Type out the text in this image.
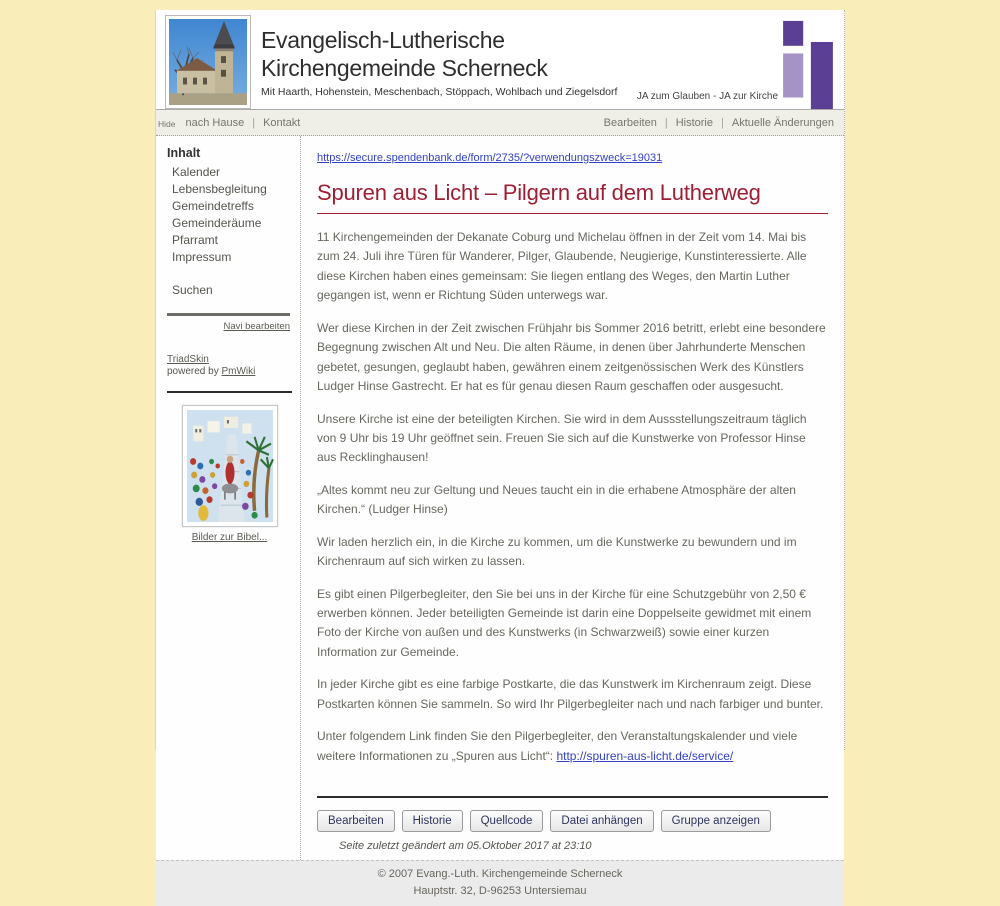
Evangelisch-Lutherische
Kirchengemeinde Scherneck
Mit Haarth, Hohenstein, Meschenbach, Stöppach, Wohlbach und Ziegelsdorf	JA zum Glauben - JA zur Kirche
Hide nach Hause |	Kontakt	Bearbeiten |	Historie |	Aktuelle Änderungen
Inhalt
Kalender
Lebensbegleitung
Gemeindetreffs
Gemeinderäume
Pfarramt
Impressum
Suchen
Navi bearbeiten
TriadSkin
powered by PmWiki
Bilder zur Bibel...
https://secure.spendenbank.de/form/2735/?verwendungszweck=19031
Spuren aus Licht – Pilgern auf dem Lutherweg

11 Kirchengemeinden der Dekanate Coburg und Michelau öffnen in der Zeit vom 14. Mai bis zum 24. Juli ihre Türen für Wanderer, Pilger, Glaubende, Neugierige, Kunstinteressierte. Alle diese Kirchen haben eines gemeinsam: Sie liegen entlang des Weges, den Martin Luther gegangen ist, wenn er Richtung Süden unterwegs war.

Wer diese Kirchen in der Zeit zwischen Frühjahr bis Sommer 2016 betritt, erlebt eine besondere Begegnung zwischen Alt und Neu. Die alten Räume, in denen über Jahrhunderte Menschen gebetet, gesungen, geglaubt haben, gewähren einem zeitgenössischen Werk des Künstlers Ludger Hinse Gastrecht. Er hat es für genau diesen Raum geschaffen oder ausgesucht.

Unsere Kirche ist eine der beteiligten Kirchen. Sie wird in dem Aussstellungszeitraum täglich von 9 Uhr bis 19 Uhr geöffnet sein. Freuen Sie sich auf die Kunstwerke von Professor Hinse aus Recklinghausen!

„Altes kommt neu zur Geltung und Neues taucht ein in die erhabene Atmosphäre der alten Kirchen.“ (Ludger Hinse)

Wir laden herzlich ein, in die Kirche zu kommen, um die Kunstwerke zu bewundern und im Kirchenraum auf sich wirken zu lassen.

Es gibt einen Pilgerbegleiter, den Sie bei uns in der Kirche für eine Schutzgebühr von 2,50 € erwerben können. Jeder beteiligten Gemeinde ist darin eine Doppelseite gewidmet mit einem Foto der Kirche von außen und des Kunstwerks (in Schwarzweiß) sowie einer kurzen Information zur Gemeinde.

In jeder Kirche gibt es eine farbige Postkarte, die das Kunstwerk im Kirchenraum zeigt. Diese Postkarten können Sie sammeln. So wird Ihr Pilgerbegleiter nach und nach farbiger und bunter.

Unter folgendem Link finden Sie den Pilgerbegleiter, den Veranstaltungskalender und viele weitere Informationen zu „Spuren aus Licht“: http://spuren-aus-licht.de/service/

Bearbeiten	Historie	Quellcode	Datei anhängen	Gruppe anzeigen
Seite zuletzt geändert am 05.Oktober 2017 at 23:10
© 2007 Evang.-Luth. Kirchengemeinde Scherneck
Hauptstr. 32, D-96253 Untersiemau
